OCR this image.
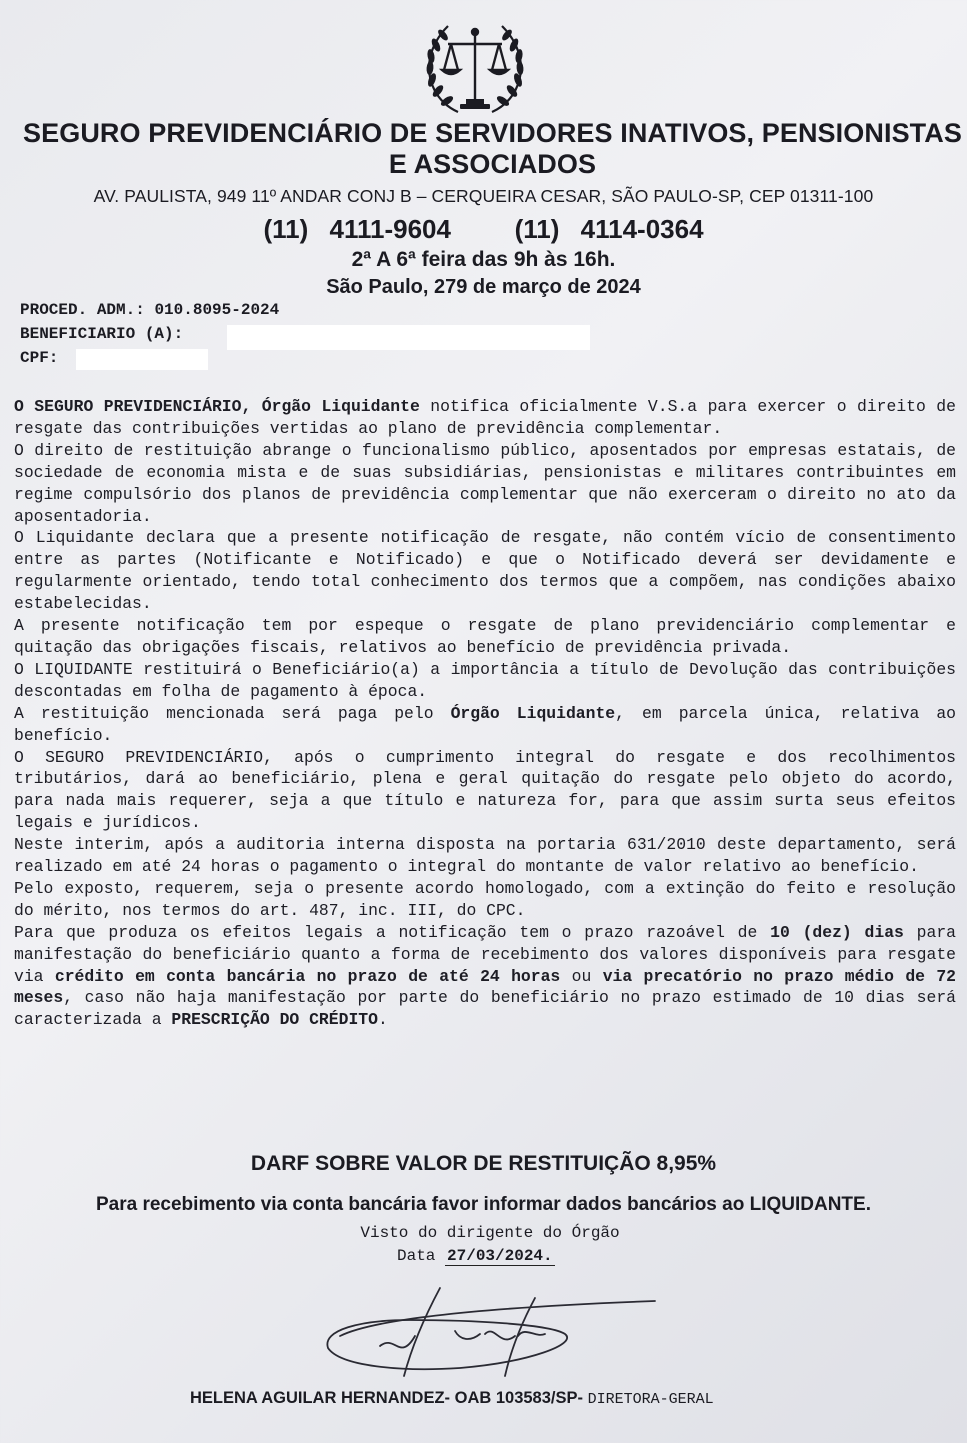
SEGURO PREVIDENCIÁRIO DE SERVIDORES INATIVOS, PENSIONISTAS E ASSOCIADOS
AV. PAULISTA, 949 11º ANDAR CONJ B – CERQUEIRA CESAR, SÃO PAULO-SP, CEP 01311-100
(11) 4111-9604   (11) 4114-0364
2ª A 6ª feira das 9h às 16h.
São Paulo, 279 de março de 2024
PROCED. ADM.: 010.8095-2024
BENEFICIARIO (A):
CPF:

O SEGURO PREVIDENCIÁRIO, Órgão Liquidante notifica oficialmente V.S.a para exercer o direito de resgate das contribuições vertidas ao plano de previdência complementar.

O direito de restituição abrange o funcionalismo público, aposentados por empresas estatais, de sociedade de economia mista e de suas subsidiárias, pensionistas e militares contribuintes em regime compulsório dos planos de previdência complementar que não exerceram o direito no ato da aposentadoria.

O Liquidante declara que a presente notificação de resgate, não contém vício de consentimento entre as partes (Notificante e Notificado) e que o Notificado deverá ser devidamente e regularmente orientado, tendo total conhecimento dos termos que a compõem, nas condições abaixo estabelecidas.

A presente notificação tem por espeque o resgate de plano previdenciário complementar e quitação das obrigações fiscais, relativos ao benefício de previdência privada.

O LIQUIDANTE restituirá o Beneficiário(a) a importância a título de Devolução das contribuições descontadas em folha de pagamento à época.

A restituição mencionada será paga pelo Órgão Liquidante, em parcela única, relativa ao benefício.

O SEGURO PREVIDENCIÁRIO, após o cumprimento integral do resgate e dos recolhimentos tributários, dará ao beneficiário, plena e geral quitação do resgate pelo objeto do acordo, para nada mais requerer, seja a que título e natureza for, para que assim surta seus efeitos legais e jurídicos.

Neste interim, após a auditoria interna disposta na portaria 631/2010 deste departamento, será realizado em até 24 horas o pagamento o integral do montante de valor relativo ao benefício.

Pelo exposto, requerem, seja o presente acordo homologado, com a extinção do feito e resolução do mérito, nos termos do art. 487, inc. III, do CPC.

Para que produza os efeitos legais a notificação tem o prazo razoável de 10 (dez) dias para manifestação do beneficiário quanto a forma de recebimento dos valores disponíveis para resgate via crédito em conta bancária no prazo de até 24 horas ou via precatório no prazo médio de 72 meses, caso não haja manifestação por parte do beneficiário no prazo estimado de 10 dias será caracterizada a PRESCRIÇÃO DO CRÉDITO.

DARF SOBRE VALOR DE RESTITUIÇÃO 8,95%
Para recebimento via conta bancária favor informar dados bancários ao LIQUIDANTE.
Visto do dirigente do Órgão
Data 27/03/2024.
HELENA AGUILAR HERNANDEZ- OAB 103583/SP- DIRETORA-GERAL
